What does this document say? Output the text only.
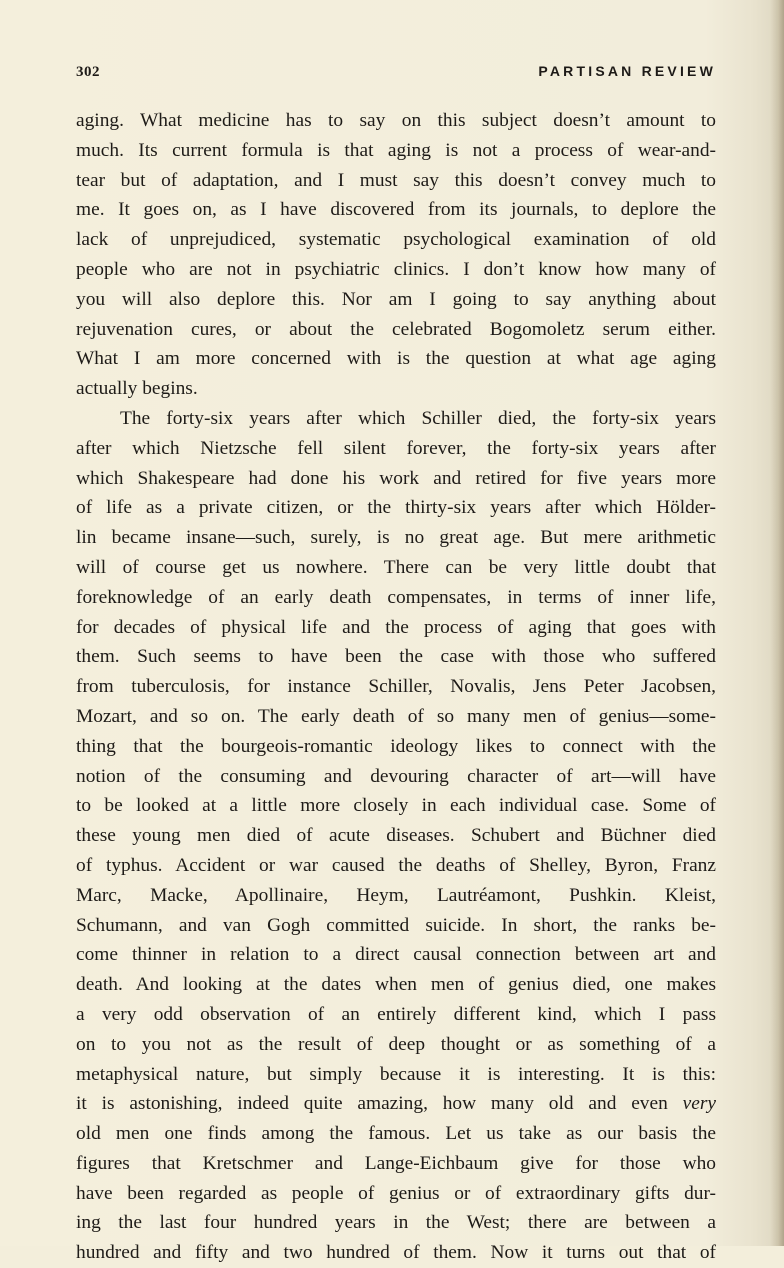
302	PARTISAN REVIEW
aging. What medicine has to say on this subject doesn’t amount to
much. Its current formula is that aging is not a process of wear-and-
tear but of adaptation, and I must say this doesn’t convey much to
me. It goes on, as I have discovered from its journals, to deplore the
lack of unprejudiced, systematic psychological examination of old
people who are not in psychiatric clinics. I don’t know how many of
you will also deplore this. Nor am I going to say anything about
rejuvenation cures, or about the celebrated Bogomoletz serum either.
What I am more concerned with is the question at what age aging
actually begins.
The forty-six years after which Schiller died, the forty-six years
after which Nietzsche fell silent forever, the forty-six years after
which Shakespeare had done his work and retired for five years more
of life as a private citizen, or the thirty-six years after which Hölder-
lin became insane—such, surely, is no great age. But mere arithmetic
will of course get us nowhere. There can be very little doubt that
foreknowledge of an early death compensates, in terms of inner life,
for decades of physical life and the process of aging that goes with
them. Such seems to have been the case with those who suffered
from tuberculosis, for instance Schiller, Novalis, Jens Peter Jacobsen,
Mozart, and so on. The early death of so many men of genius—some-
thing that the bourgeois-romantic ideology likes to connect with the
notion of the consuming and devouring character of art—will have
to be looked at a little more closely in each individual case. Some of
these young men died of acute diseases. Schubert and Büchner died
of typhus. Accident or war caused the deaths of Shelley, Byron, Franz
Marc, Macke, Apollinaire, Heym, Lautréamont, Pushkin. Kleist,
Schumann, and van Gogh committed suicide. In short, the ranks be-
come thinner in relation to a direct causal connection between art and
death. And looking at the dates when men of genius died, one makes
a very odd observation of an entirely different kind, which I pass
on to you not as the result of deep thought or as something of a
metaphysical nature, but simply because it is interesting. It is this:
it is astonishing, indeed quite amazing, how many old and even very
old men one finds among the famous. Let us take as our basis the
figures that Kretschmer and Lange-Eichbaum give for those who
have been regarded as people of genius or of extraordinary gifts dur-
ing the last four hundred years in the West; there are between a
hundred and fifty and two hundred of them. Now it turns out that of
